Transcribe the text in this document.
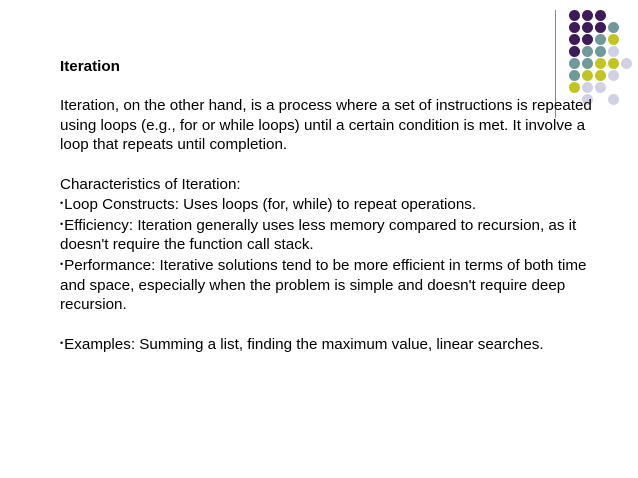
Iteration

Iteration, on the other hand, is a process where a set of instructions is repeated using loops (e.g., for or while loops) until a certain condition is met. It involve a loop that repeats until completion.

Characteristics of Iteration:

•Loop Constructs: Uses loops (for, while) to repeat operations.

•Efficiency: Iteration generally uses less memory compared to recursion, as it doesn't require the function call stack.

•Performance: Iterative solutions tend to be more efficient in terms of both time and space, especially when the problem is simple and doesn't require deep recursion.

•Examples: Summing a list, finding the maximum value, linear searches.
